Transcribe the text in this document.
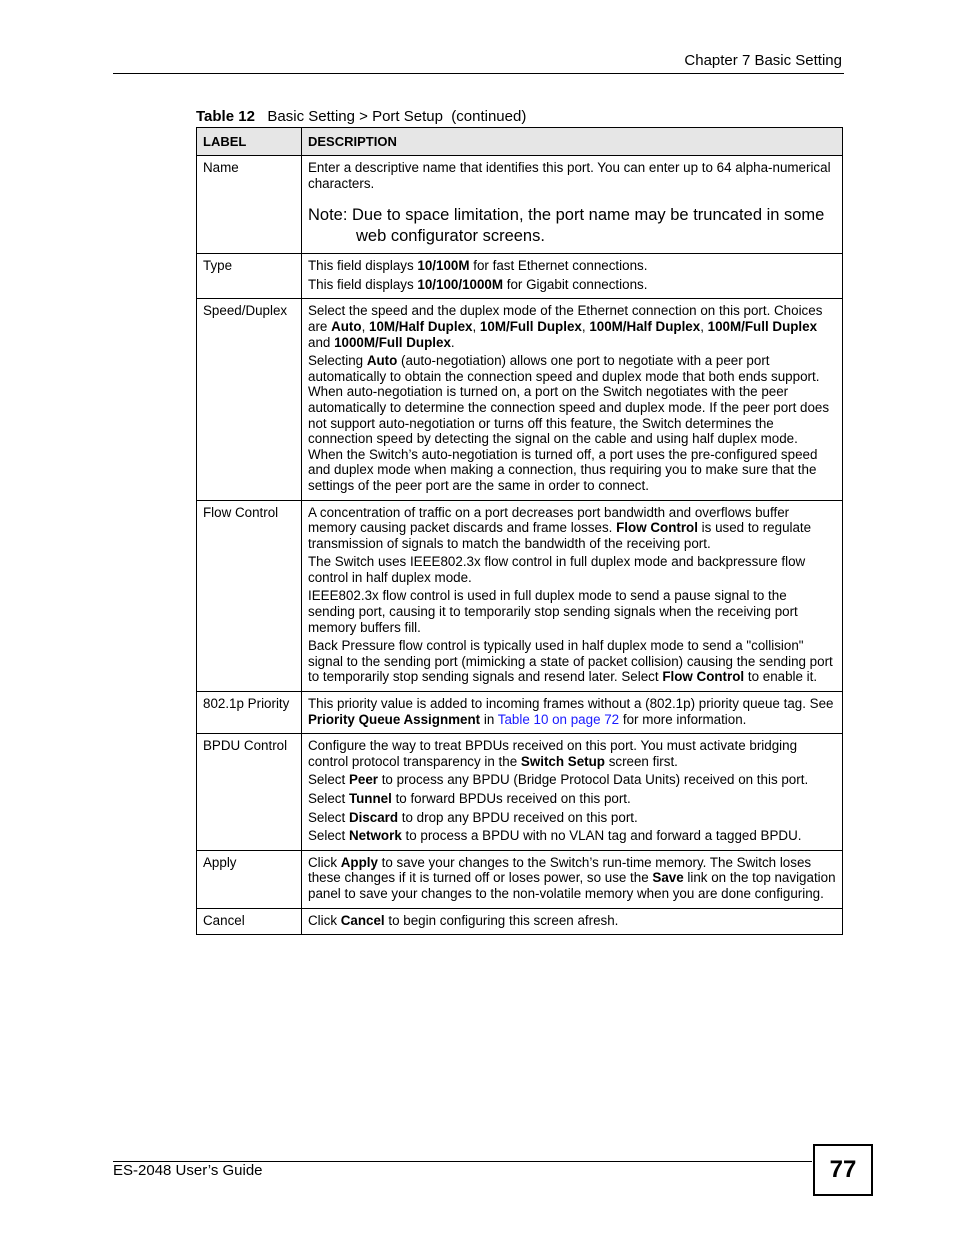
Chapter 7 Basic Setting
Table 12   Basic Setting > Port Setup  (continued)
LABEL	DESCRIPTION
Name	Enter a descriptive name that identifies this port. You can enter up to 64 alpha-numerical characters.
Note: Due to space limitation, the port name may be truncated in some web configurator screens.

Type	This field displays 10/100M for fast Ethernet connections.
This field displays 10/100/1000M for Gigabit connections.

Speed/Duplex	Select the speed and the duplex mode of the Ethernet connection on this port. Choices are Auto, 10M/Half Duplex, 10M/Full Duplex, 100M/Half Duplex, 100M/Full Duplex and 1000M/Full Duplex.
Selecting Auto (auto-negotiation) allows one port to negotiate with a peer port automatically to obtain the connection speed and duplex mode that both ends support. When auto-negotiation is turned on, a port on the Switch negotiates with the peer automatically to determine the connection speed and duplex mode. If the peer port does not support auto-negotiation or turns off this feature, the Switch determines the connection speed by detecting the signal on the cable and using half duplex mode. When the Switch’s auto-negotiation is turned off, a port uses the pre-configured speed and duplex mode when making a connection, thus requiring you to make sure that the settings of the peer port are the same in order to connect.

Flow Control	A concentration of traffic on a port decreases port bandwidth and overflows buffer memory causing packet discards and frame losses. Flow Control is used to regulate transmission of signals to match the bandwidth of the receiving port.
The Switch uses IEEE802.3x flow control in full duplex mode and backpressure flow control in half duplex mode.
IEEE802.3x flow control is used in full duplex mode to send a pause signal to the sending port, causing it to temporarily stop sending signals when the receiving port memory buffers fill.
Back Pressure flow control is typically used in half duplex mode to send a "collision" signal to the sending port (mimicking a state of packet collision) causing the sending port to temporarily stop sending signals and resend later. Select Flow Control to enable it.

802.1p Priority	This priority value is added to incoming frames without a (802.1p) priority queue tag. See Priority Queue Assignment in Table 10 on page 72 for more information.

BPDU Control	Configure the way to treat BPDUs received on this port. You must activate bridging control protocol transparency in the Switch Setup screen first.
Select Peer to process any BPDU (Bridge Protocol Data Units) received on this port.
Select Tunnel to forward BPDUs received on this port.
Select Discard to drop any BPDU received on this port.
Select Network to process a BPDU with no VLAN tag and forward a tagged BPDU.

Apply	Click Apply to save your changes to the Switch’s run-time memory. The Switch loses these changes if it is turned off or loses power, so use the Save link on the top navigation panel to save your changes to the non-volatile memory when you are done configuring.

Cancel	Click Cancel to begin configuring this screen afresh.
ES-2048 User’s Guide	77
